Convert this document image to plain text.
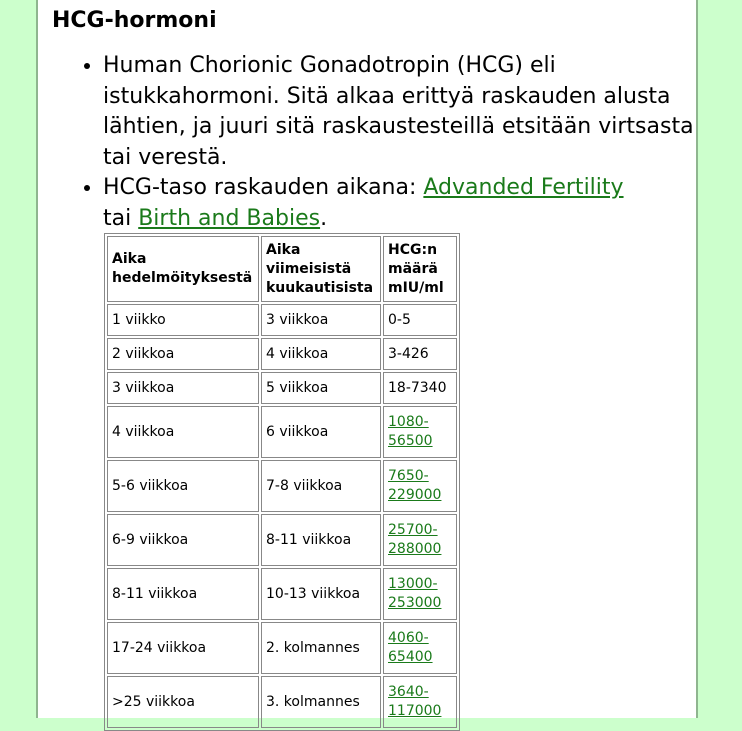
HCG-hormoni
• Human Chorionic Gonadotropin (HCG) eli istukkahormoni. Sitä alkaa erittyä raskauden alusta lähtien, ja juuri sitä raskaustesteillä etsitään virtsasta tai verestä.
• HCG-taso raskauden aikana: Advanded Fertility
tai Birth and Babies.
Aika hedelmöityksestä	Aika viimeisistä kuukautisista	HCG:n määrä mIU/ml
1 viikko	3 viikkoa	0-5
2 viikkoa	4 viikkoa	3-426
3 viikkoa	5 viikkoa	18-7340
4 viikkoa	6 viikkoa	1080-
56500
5-6 viikkoa	7-8 viikkoa	7650-
229000
6-9 viikkoa	8-11 viikkoa	25700-
288000
8-11 viikkoa	10-13 viikkoa	13000-
253000
17-24 viikkoa	2. kolmannes	4060-
65400
>25 viikkoa	3. kolmannes	3640-
117000
